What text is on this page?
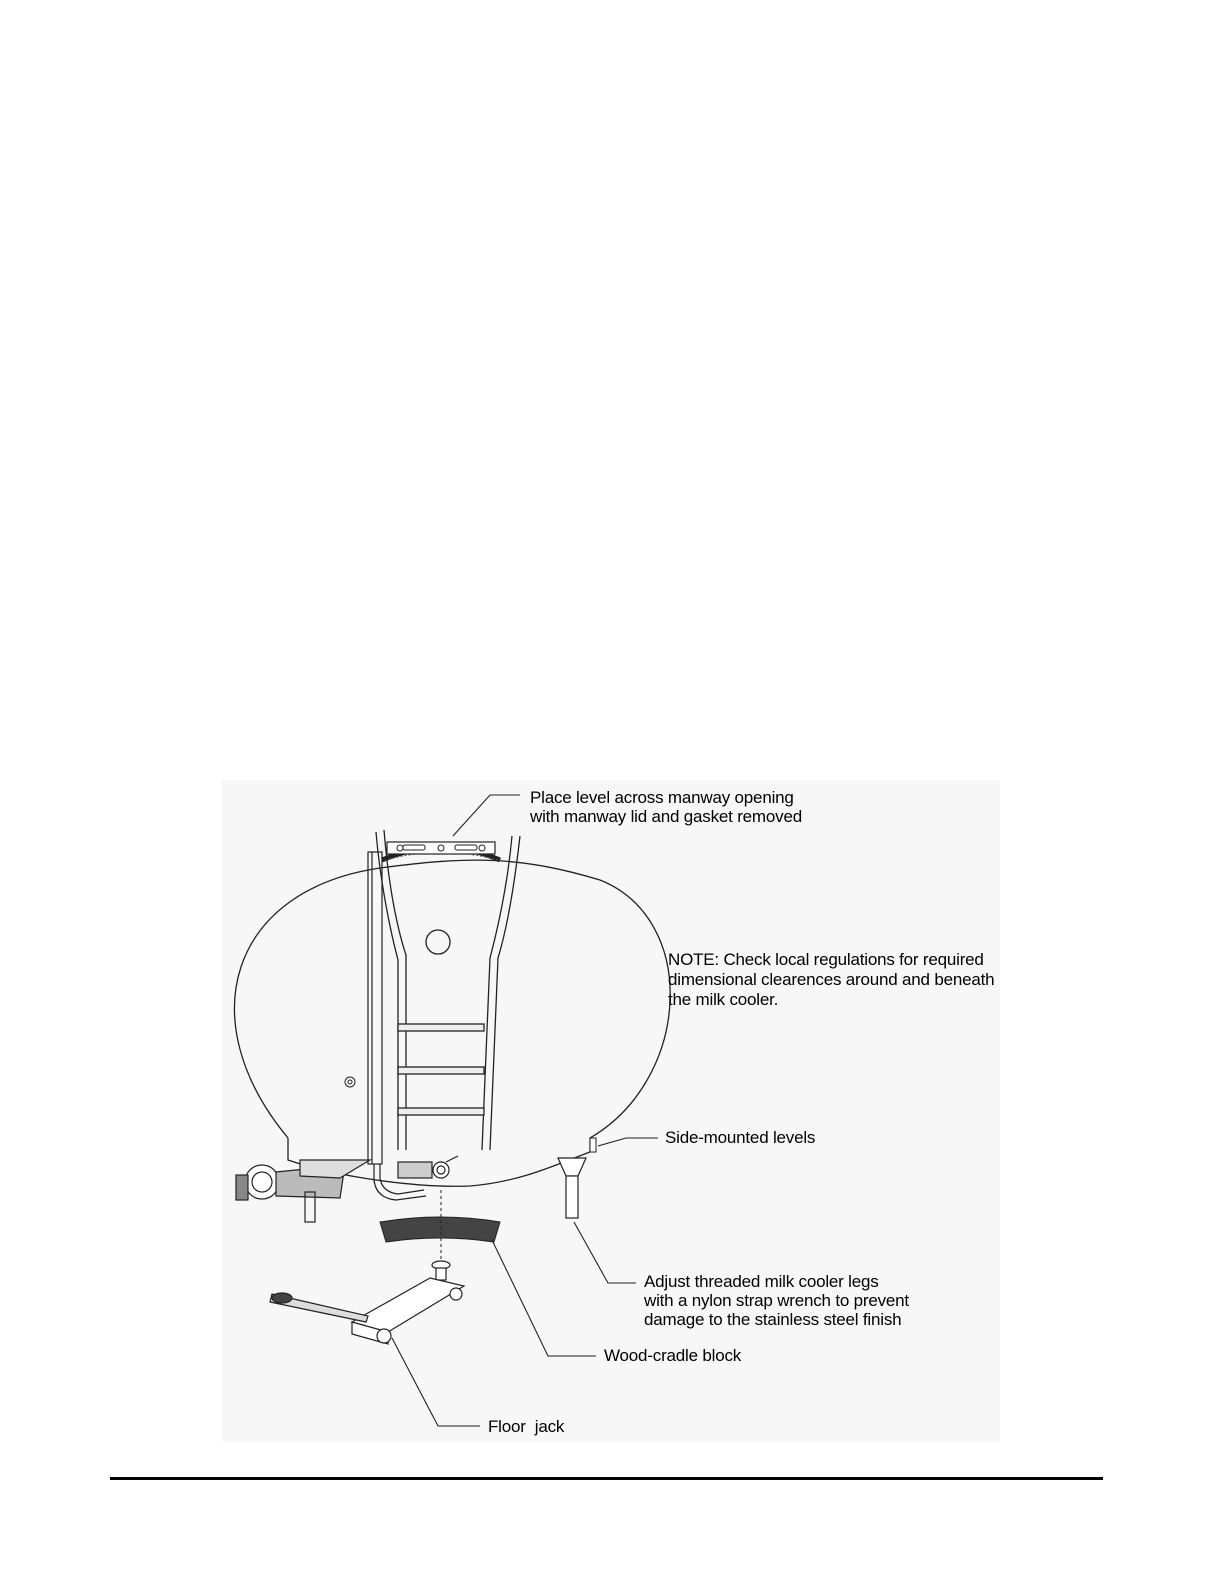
Place level across manway opening
with manway lid and gasket removed
NOTE: Check local regulations for required
dimensional clearences around and beneath
the milk cooler.
Side-mounted levels
Adjust threaded milk cooler legs
with a nylon strap wrench to prevent
damage to the stainless steel finish
Wood-cradle block
Floor  jack
